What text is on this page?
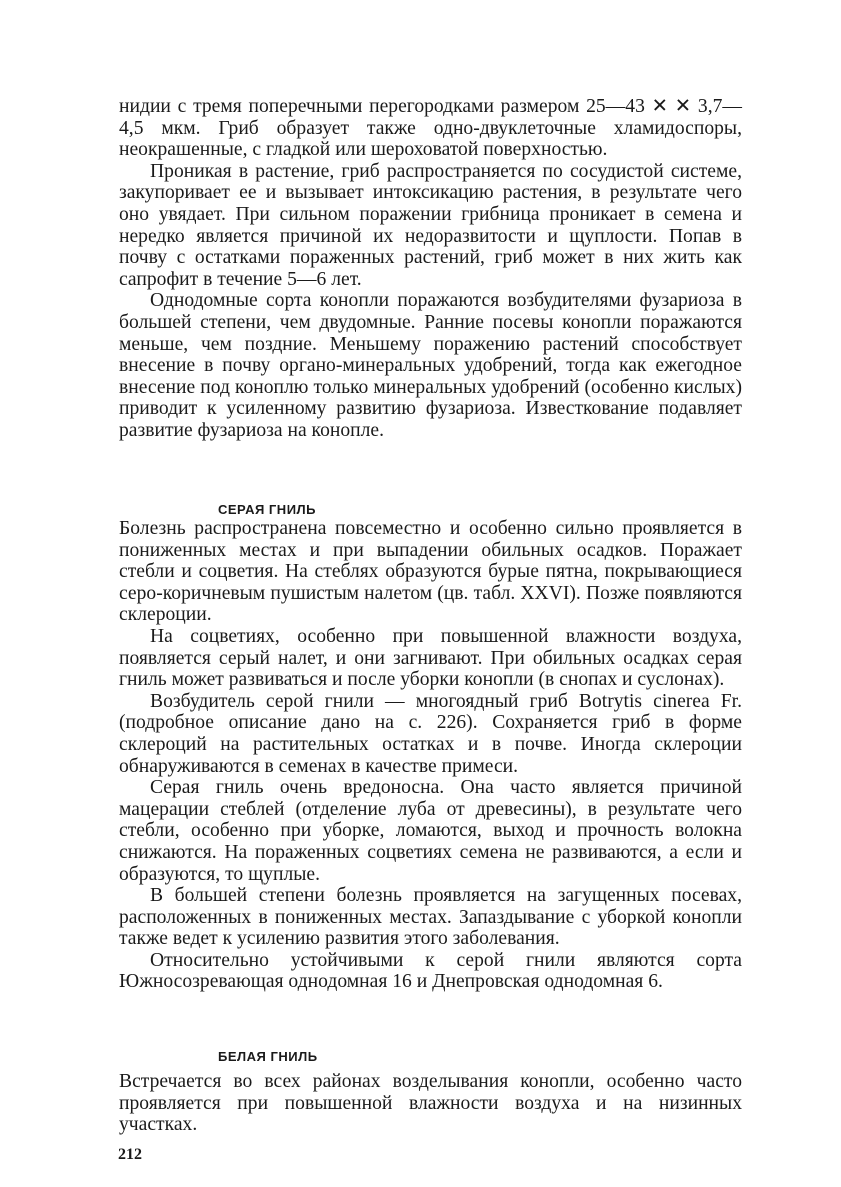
нидии с тремя поперечными перегородками размером 25—43 ✕ ✕ 3,7—4,5 мкм. Гриб образует также одно-двуклеточные хламидоспоры, неокрашенные, с гладкой или шероховатой поверхностью.

Проникая в растение, гриб распространяется по сосудистой системе, закупоривает ее и вызывает интоксикацию растения, в результате чего оно увядает. При сильном поражении грибница проникает в семена и нередко является причиной их недоразвитости и щуплости. Попав в почву с остатками пораженных растений, гриб может в них жить как сапрофит в течение 5—6 лет.

Однодомные сорта конопли поражаются возбудителями фузариоза в большей степени, чем двудомные. Ранние посевы конопли поражаются меньше, чем поздние. Меньшему поражению растений способствует внесение в почву органо-минеральных удобрений, тогда как ежегодное внесение под коноплю только минеральных удобрений (особенно кислых) приводит к усиленному развитию фузариоза. Известкование подавляет развитие фузариоза на конопле.

СЕРАЯ ГНИЛЬ

Болезнь распространена повсеместно и особенно сильно проявляется в пониженных местах и при выпадении обильных осадков. Поражает стебли и соцветия. На стеблях образуются бурые пятна, покрывающиеся серо-коричневым пушистым налетом (цв. табл. XXVI). Позже появляются склероции.

На соцветиях, особенно при повышенной влажности воздуха, появляется серый налет, и они загнивают. При обильных осадках серая гниль может развиваться и после уборки конопли (в снопах и суслонах).

Возбудитель серой гнили — многоядный гриб Botrytis cinerea Fr. (подробное описание дано на с. 226). Сохраняется гриб в форме склероций на растительных остатках и в почве. Иногда склероции обнаруживаются в семенах в качестве примеси.

Серая гниль очень вредоносна. Она часто является причиной мацерации стеблей (отделение луба от древесины), в результате чего стебли, особенно при уборке, ломаются, выход и прочность волокна снижаются. На пораженных соцветиях семена не развиваются, а если и образуются, то щуплые.

В большей степени болезнь проявляется на загущенных посевах, расположенных в пониженных местах. Запаздывание с уборкой конопли также ведет к усилению развития этого заболевания.

Относительно устойчивыми к серой гнили являются сорта Южносозревающая однодомная 16 и Днепровская однодомная 6.

БЕЛАЯ ГНИЛЬ

Встречается во всех районах возделывания конопли, особенно часто проявляется при повышенной влажности воздуха и на низинных участках.

212
